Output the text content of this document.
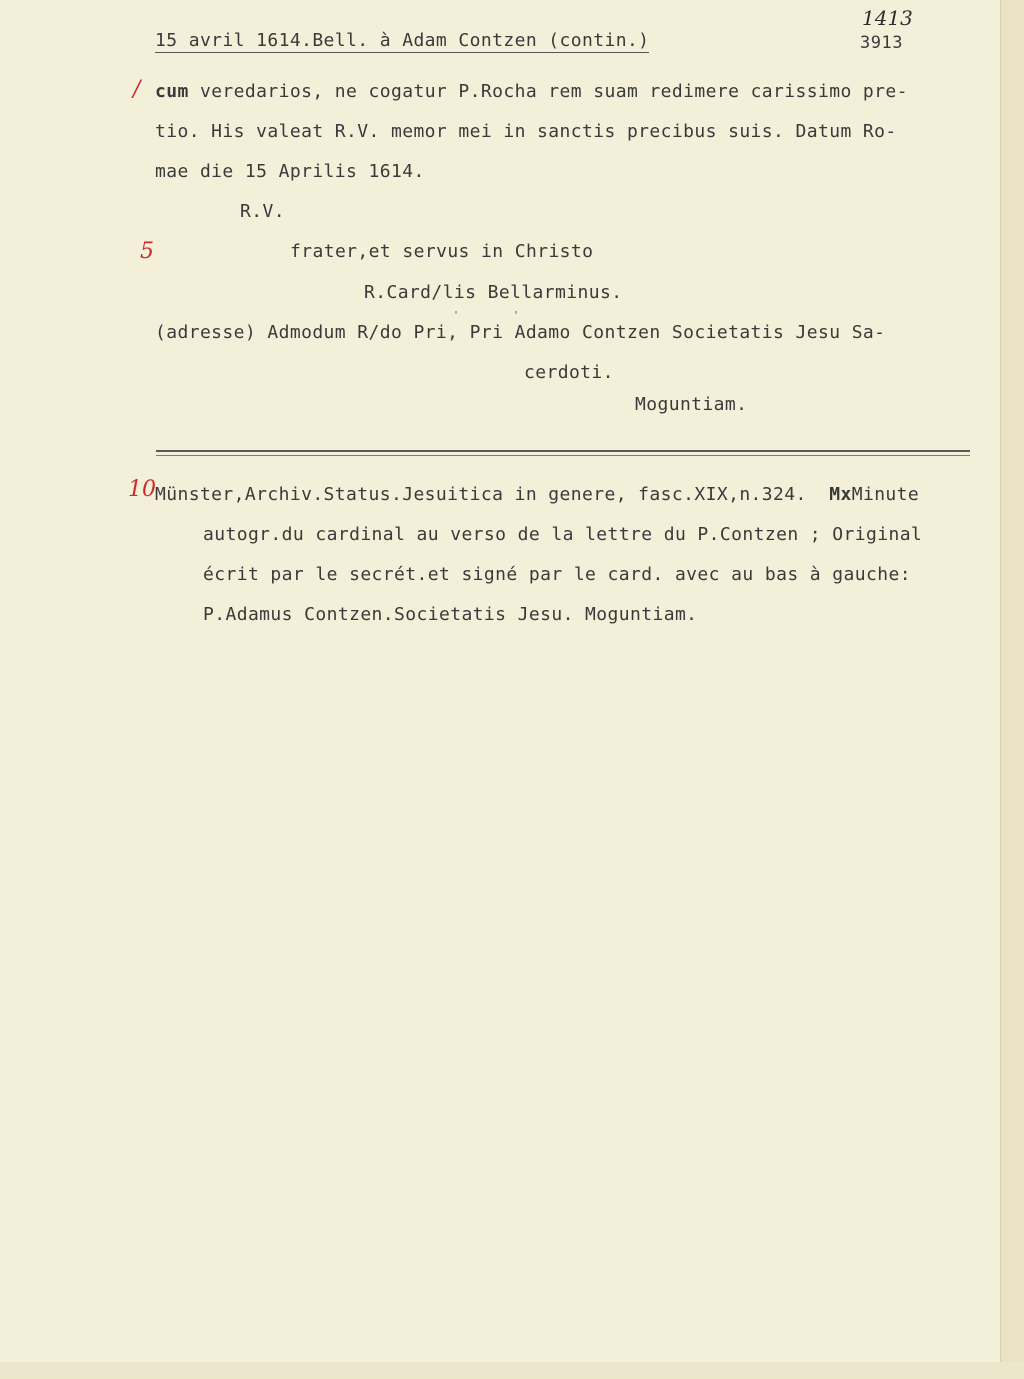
15 avril 1614.Bell. à Adam Contzen (contin.)
1413
3913
/
5
10
cum veredarios, ne cogatur P.Rocha rem suam redimere carissimo pre-
tio. His valeat R.V. memor mei in sanctis precibus suis. Datum Ro-
mae die 15 Aprilis 1614.
R.V.
frater,et servus in Christo
R.Card/lis Bellarminus.
'	'
(adresse) Admodum R/do Pri, Pri Adamo Contzen Societatis Jesu Sa-
cerdoti.
Moguntiam.
Münster,Archiv.Status.Jesuitica in genere, fasc.XIX,n.324. MxMinute
autogr.du cardinal au verso de la lettre du P.Contzen ; Original
écrit par le secrét.et signé par le card. avec au bas à gauche:
P.Adamus Contzen.Societatis Jesu. Moguntiam.
